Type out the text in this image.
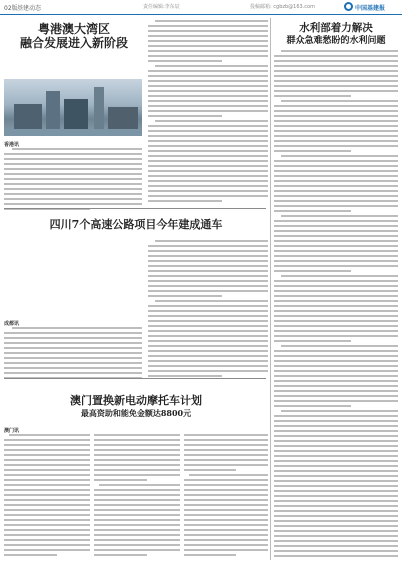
02版 基建动态	责任编辑:李东辰	投稿邮箱: cgbzb@163.com	中国基建报
粤港澳大湾区
融合发展进入新阶段
香港讯
四川7个高速公路项目今年建成通车
成都讯
澳门置换新电动摩托车计划
最高资助和能免金额达8800元
澳门讯
水利部着力解决
群众急难愁盼的水利问题
